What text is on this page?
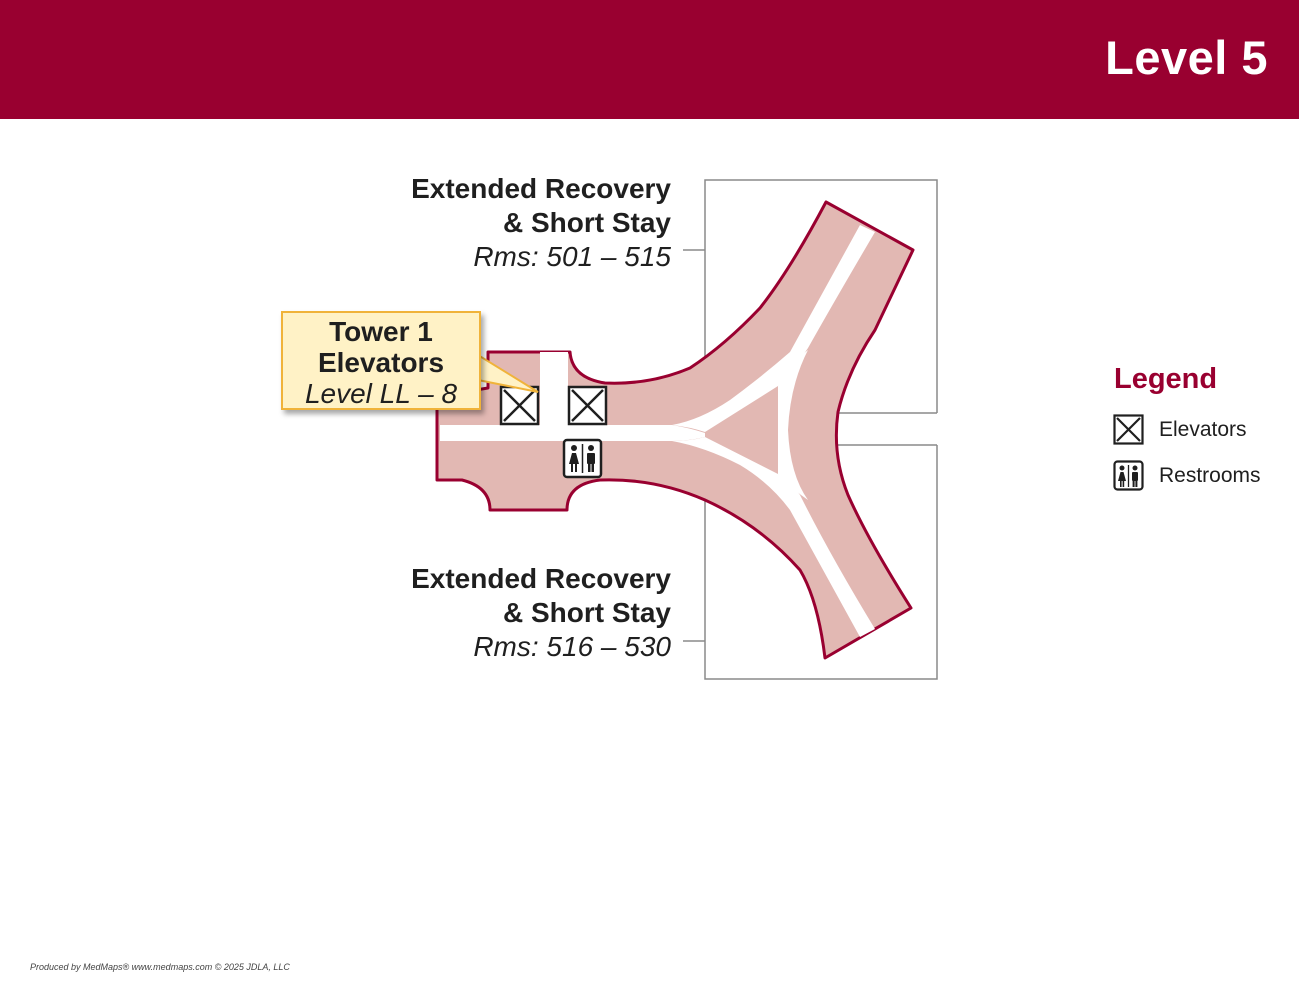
Level 5
Extended Recovery
& Short Stay
Rms: 501 – 515
Extended Recovery
& Short Stay
Rms: 516 – 530
Tower 1
Elevators
Level LL – 8	Legend
Elevators
Restrooms
Produced by MedMaps® www.medmaps.com © 2025 JDLA, LLC
